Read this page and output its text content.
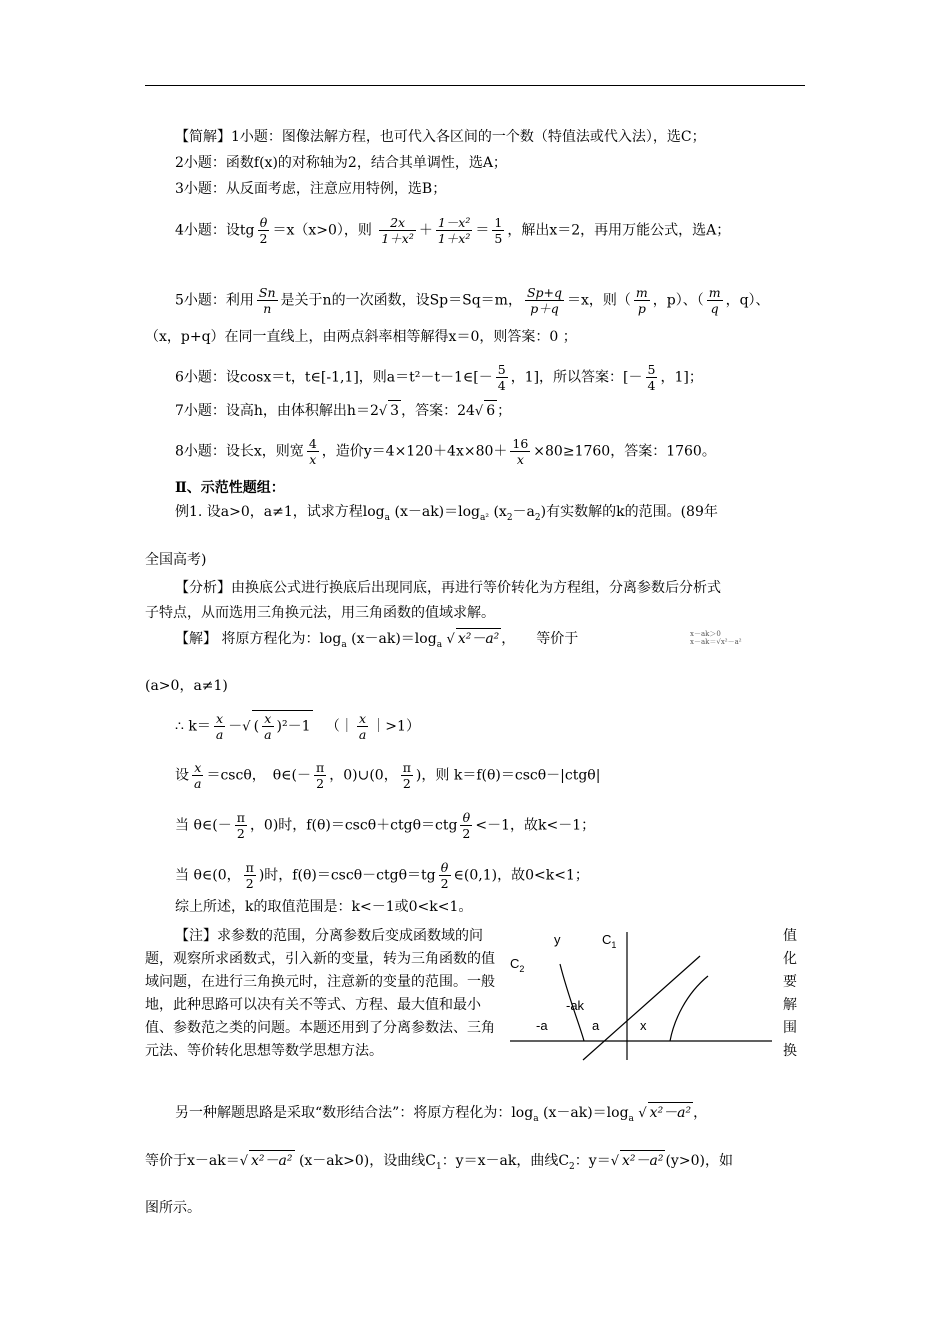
【简解】1小题：图像法解方程，也可代入各区间的一个数（特值法或代入法），选C；
2小题：函数f(x)的对称轴为2，结合其单调性，选A；
3小题：从反面考虑，注意应用特例，选B；
4小题：设tg $\frac{\theta}{2} =x(x>0)$，则 $\frac{2x}{\text{1＋x²}} + \frac{\text{1－x²}}{\text{1＋x²}} = \frac{1}{5}$ ，解出x＝2，再用万能公式，选A；
5小题：利用 $\frac{Sn}{n}$ 是关于n的一次函数，设Sp＝Sq＝m， $\frac{Sp+q}{p+q} =x$，则（ $\frac{m}{p}$ ，p）、（ $\frac{m}{q}$ ，q）、
（x，p+q）在同一直线上，由两点斜率相等解得x＝0，则答案：0 ；
6小题：设cosx＝t，t∈[-1,1]，则a＝t²－t－1∈[－ $\frac{5}{4}$ ，1]，所以答案：[－ $\frac{5}{4}$ ，1]；
7小题：设高h，由体积解出h＝2√ 3 ，答案：24√ 6 ；
8小题：设长x，则宽 $\frac{4}{x}$ ，造价$y=4\times 120+4x\times 80+ \frac{16}{x} \times 80\ge 1760$，答案：1760。
Ⅱ、示范性题组：
例1. 设a>0，a≠1，试求方程$\log_a (x-ak)=\log_{a^2}$ $(x_2-a_2)$有实数解的k的范围。(89年
全国高考)
【分析】由换底公式进行换底后出现同底，再进行等价转化为方程组，分离参数后分析式
子特点，从而选用三角换元法，用三角函数的值域求解。
【解】 将原方程化为：$\log_a (x-ak)=\log_a$ √ x²－a² ，　　等价于	x－ak＞0
x－ak＝√x²－a²
(a>0，a≠1)
∴ $k= \frac{x}{a}$ －√ ( $\frac{x}{a} )^2-1$ （｜ $\frac{x}{a}$ ｜>1）
设 $\frac{x}{a} =\csc\theta$，　θ∈(－ $\frac{\pi}{2}$ ，0)∪(0， $\frac{\pi}{2}$ )，则 k＝f(θ)＝cscθ－|ctgθ|
当 θ∈(－ $\frac{\pi}{2}$ ，0)时，$f(\theta)=\csc\theta+ctg\theta=ctg \frac{\theta}{2} <-1$，故k<－1；
当 θ∈(0， $\frac{\pi}{2}$ )时，$f(\theta)=\csc\theta-ctg\theta=tg \frac{\theta}{2}$ ∈(0,1)，故0<k<1；
综上所述，k的取值范围是：k<－1或0<k<1。

【注】求参数的范围，分离参数后变成函数域的问题，观察所求函数式，引入新的变量，转为三角函数的值域问题，在进行三角换元时，注意新的变量的范围。一般地，此种思路可以决有关不等式、方程、最大值和最小值、参数范之类的问题。本题还用到了分离参数法、三角元法、等价转化思想等数学思想方法。

值
化
要
解
围
换
y	$C_1$
$C_2$
-ak
-a	a	x
另一种解题思路是采取“数形结合法”：将原方程化为：$\log_a (x-ak)=\log_a$ √ x²－a² ，
等价于x－ak＝√ x²－a² (x－ak>0)，设曲线$C_1$：y＝x－ak，曲线$C_2$：y＝√ x²－a² (y>0)，如
图所示。
